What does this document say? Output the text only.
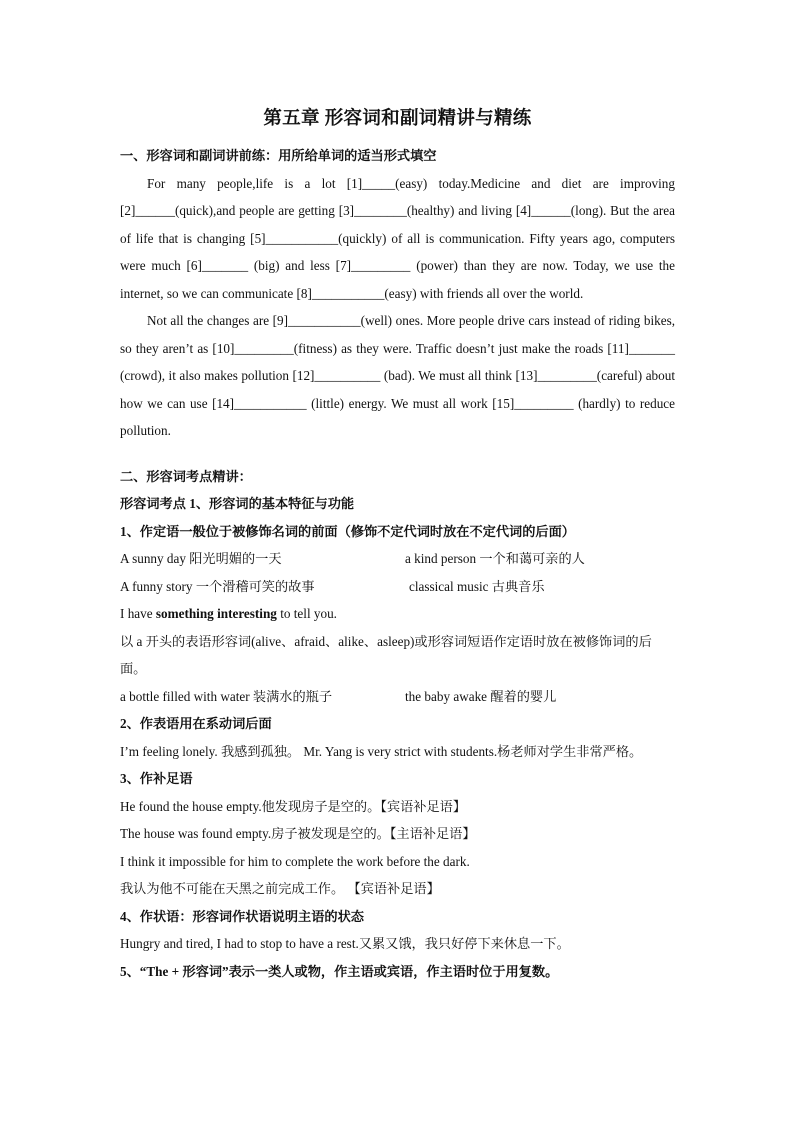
第五章 形容词和副词精讲与精练

一、形容词和副词讲前练：用所给单词的适当形式填空

For many people,life is a lot [1]_____(easy) today.Medicine and diet are improving [2]______(quick),and people are getting [3]________(healthy) and living [4]______(long). But the area of life that is changing [5]___________(quickly) of all is communication. Fifty years ago, computers were much [6]_______ (big) and less [7]_________ (power) than they are now. Today, we use the internet, so we can communicate [8]___________(easy) with friends all over the world.

Not all the changes are [9]___________(well) ones. More people drive cars instead of riding bikes, so they aren’t as [10]_________(fitness) as they were. Traffic doesn’t just make the roads [11]_______ (crowd), it also makes pollution [12]__________ (bad). We must all think [13]_________(careful) about how we can use [14]___________ (little) energy. We must all work [15]_________ (hardly) to reduce pollution.

二、形容词考点精讲：

形容词考点 1、形容词的基本特征与功能

1、作定语一般位于被修饰名词的前面（修饰不定代词时放在不定代词的后面）

A sunny day 阳光明媚的一天	a kind person 一个和蔼可亲的人
A funny story 一个滑稽可笑的故事	classical music 古典音乐

I have something interesting to tell you.

以 a 开头的表语形容词(alive、afraid、alike、asleep)或形容词短语作定语时放在被修饰词的后面。

a bottle filled with water 装满水的瓶子	the baby awake 醒着的婴儿

2、作表语用在系动词后面

I’m feeling lonely. 我感到孤独。 Mr. Yang is very strict with students.杨老师对学生非常严格。

3、作补足语

He found the house empty.他发现房子是空的。【宾语补足语】

The house was found empty.房子被发现是空的。【主语补足语】

I think it impossible for him to complete the work before the dark.

我认为他不可能在天黑之前完成工作。 【宾语补足语】

4、作状语：形容词作状语说明主语的状态

Hungry and tired, I had to stop to have a rest.又累又饿，我只好停下来休息一下。

5、“The + 形容词”表示一类人或物，作主语或宾语，作主语时位于用复数。
